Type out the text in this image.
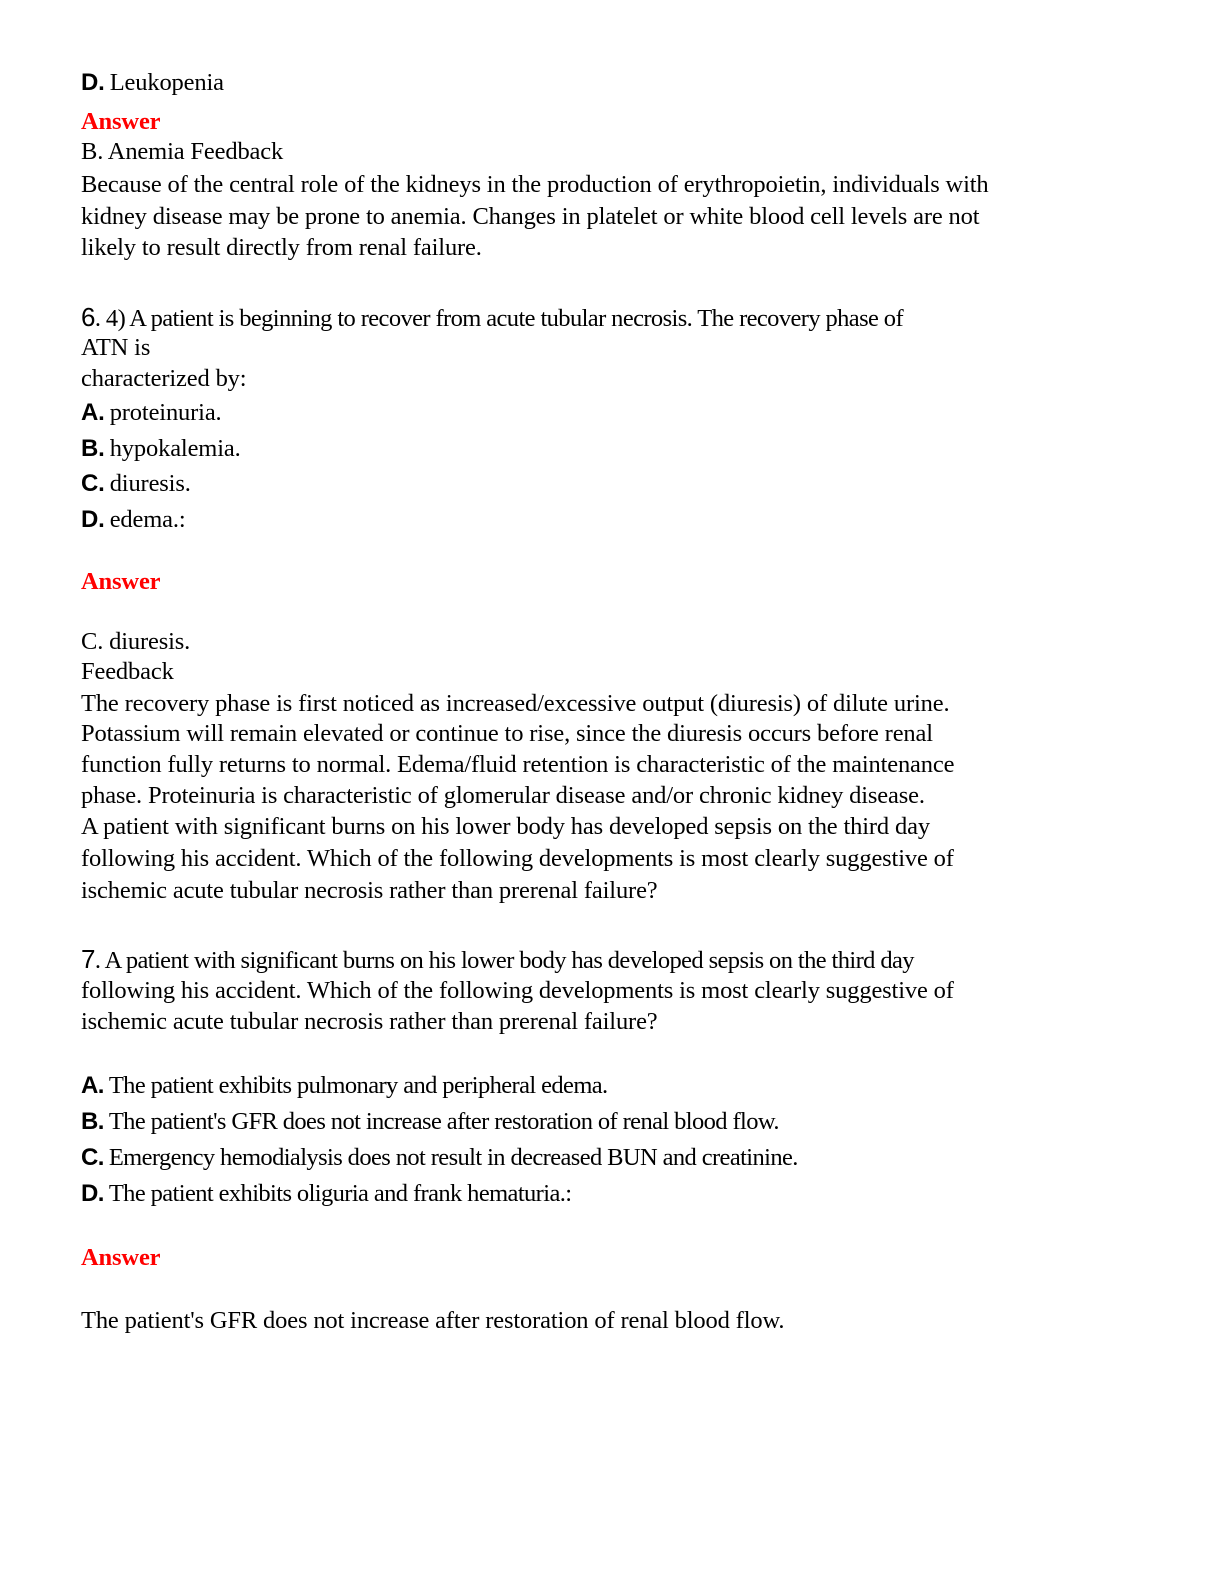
D. Leukopenia
Answer
B. Anemia Feedback
Because of the central role of the kidneys in the production of erythropoietin, individuals with
kidney disease may be prone to anemia. Changes in platelet or white blood cell levels are not
likely to result directly from renal failure.
6. 4) A patient is beginning to recover from acute tubular necrosis. The recovery phase of
ATN is
characterized by:
A. proteinuria.
B. hypokalemia.
C. diuresis.
D. edema.:
Answer
C. diuresis.
Feedback
The recovery phase is first noticed as increased/excessive output (diuresis) of dilute urine.
Potassium will remain elevated or continue to rise, since the diuresis occurs before renal
function fully returns to normal. Edema/fluid retention is characteristic of the maintenance
phase. Proteinuria is characteristic of glomerular disease and/or chronic kidney disease.
A patient with significant burns on his lower body has developed sepsis on the third day
following his accident. Which of the following developments is most clearly suggestive of
ischemic acute tubular necrosis rather than prerenal failure?
7. A patient with significant burns on his lower body has developed sepsis on the third day
following his accident. Which of the following developments is most clearly suggestive of
ischemic acute tubular necrosis rather than prerenal failure?
A. The patient exhibits pulmonary and peripheral edema.
B. The patient's GFR does not increase after restoration of renal blood flow.
C. Emergency hemodialysis does not result in decreased BUN and creatinine.
D. The patient exhibits oliguria and frank hematuria.:
Answer
The patient's GFR does not increase after restoration of renal blood flow.
